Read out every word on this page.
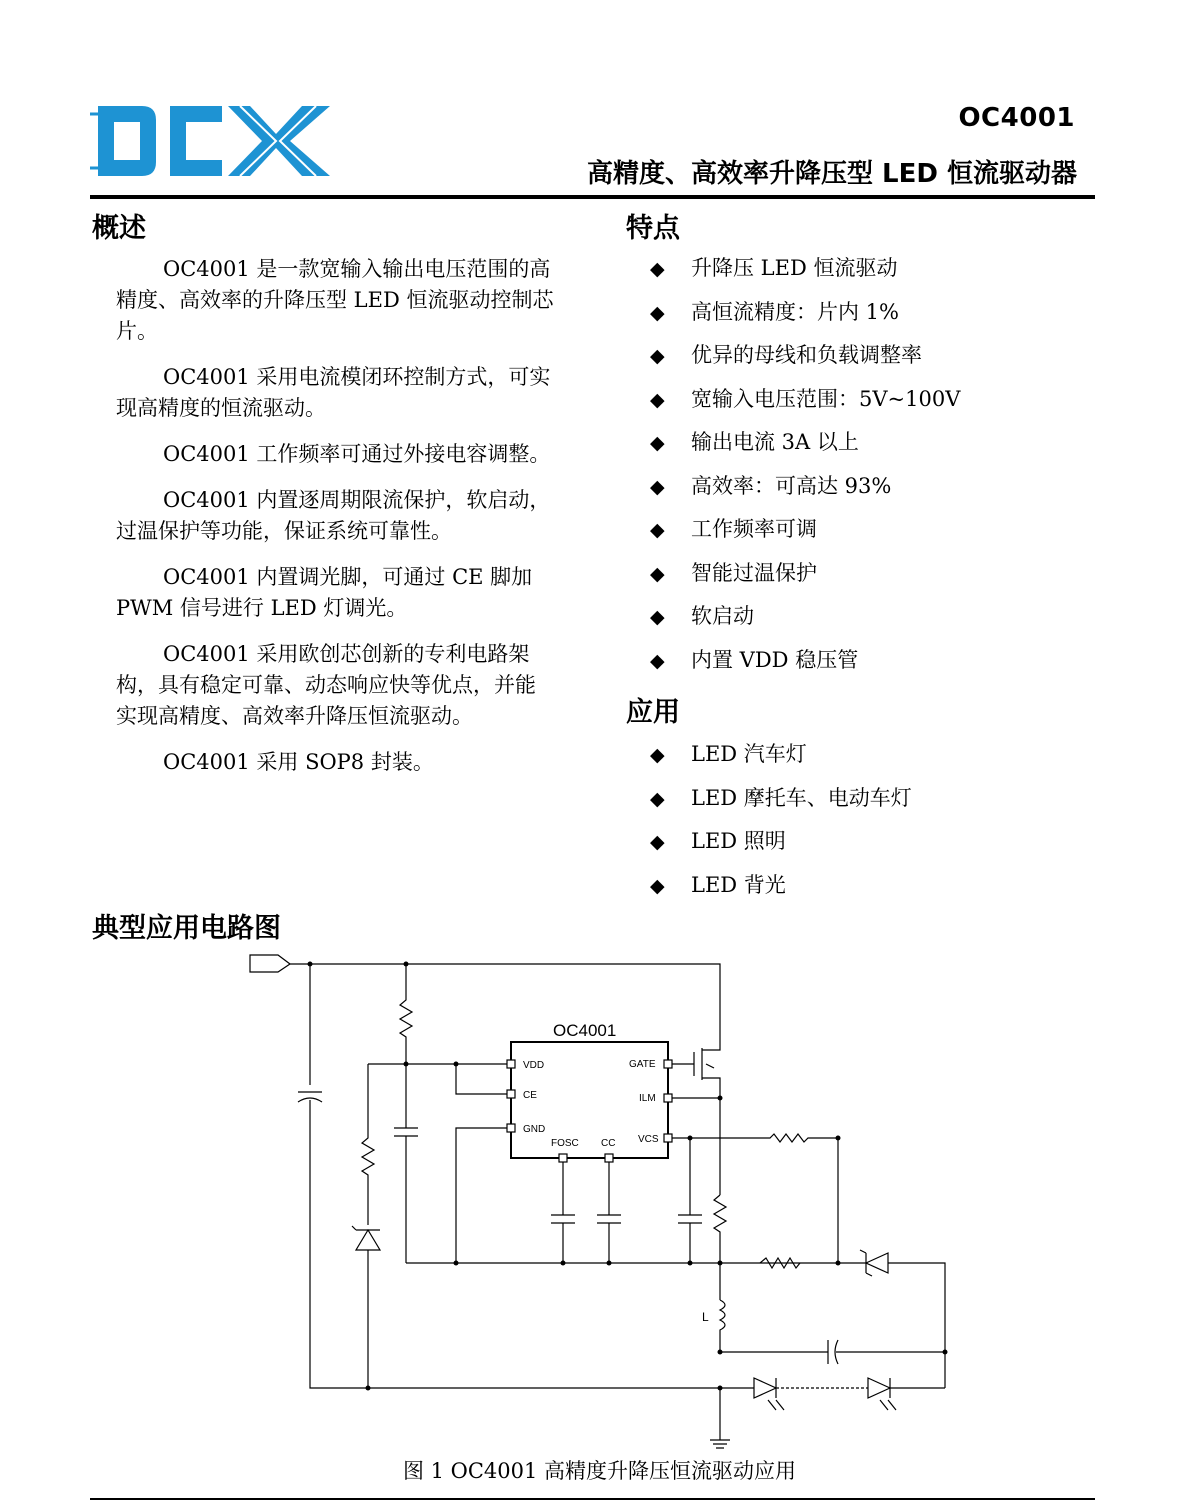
OC4001
高精度、高效率升降压型 LED 恒流驱动器
概述

OC4001 是一款宽输入输出电压范围的高精度、高效率的升降压型 LED 恒流驱动控制芯片。

OC4001 采用电流模闭环控制方式，可实现高精度的恒流驱动。

OC4001 工作频率可通过外接电容调整。

OC4001 内置逐周期限流保护，软启动，过温保护等功能，保证系统可靠性。

OC4001 内置调光脚，可通过 CE 脚加 PWM 信号进行 LED 灯调光。

OC4001 采用欧创芯创新的专利电路架构，具有稳定可靠、动态响应快等优点，并能实现高精度、高效率升降压恒流驱动。

OC4001 采用 SOP8 封装。

特点
◆ 升降压 LED 恒流驱动
◆ 高恒流精度：片内 1%
◆ 优异的母线和负载调整率
◆ 宽输入电压范围：5V~100V
◆ 输出电流 3A 以上
◆ 高效率：可高达 93%
◆ 工作频率可调
◆ 智能过温保护
◆ 软启动
◆ 内置 VDD 稳压管
应用
◆ LED 汽车灯
◆ LED 摩托车、电动车灯
◆ LED 照明
◆ LED 背光
典型应用电路图
OC4001
VDD
CE
GND
GATE
ILM
VCS
FOSC CC
L
图 1 OC4001 高精度升降压恒流驱动应用
